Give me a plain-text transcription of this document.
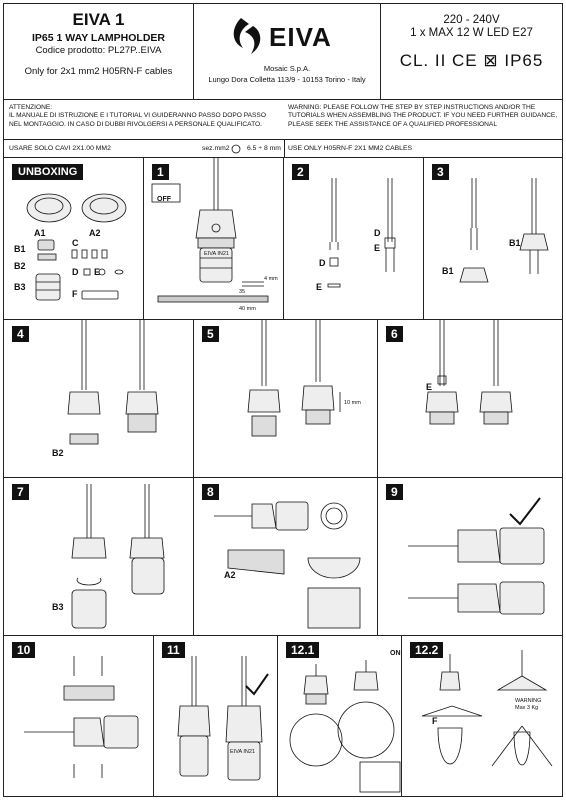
EIVA 1
IP65 1 WAY LAMPHOLDER
Codice prodotto: PL27P..EIVA
Only for 2x1 mm2 H05RN-F cables
EIVA
Mosaic S.p.A.
Lungo Dora Colletta 113/9 - 10153 Torino - Italy
220 - 240V
1 x MAX 12 W LED E27
CL. II CE ⊠ IP65
ATTENZIONE:
IL MANUALE DI ISTRUZIONE E I TUTORIAL VI GUIDERANNO PASSO DOPO PASSO NEL MONTAGGIO. IN CASO DI DUBBI RIVOLGERSI A PERSONALE QUALIFICATO.
WARNING: PLEASE FOLLOW THE STEP BY STEP INSTRUCTIONS AND/OR THE TUTORIALS WHEN ASSEMBLING THE PRODUCT. IF YOU NEED FURTHER GUIDANCE, PLEASE SEEK THE ASSISTANCE OF A QUALIFIED PROFESSIONAL
USARE SOLO CAVI 2X1.00 MM2	sez.mm2	6.5 ÷ 8 mm USE ONLY H05RN-F 2X1 MM2 CABLES
UNBOXING
A1	A2
B1
B2
B3
C
D E
F
1
OFF
EIVA IN21
4 mm
35
40 mm
2
D
E
D
E
3
B1
B1
4
B2
5
10 mm
6
E
7
B3
8
A2
9
10	11
EIVA IN21
12.1	ON	12.2
F
WARNING
Max 3 Kg
